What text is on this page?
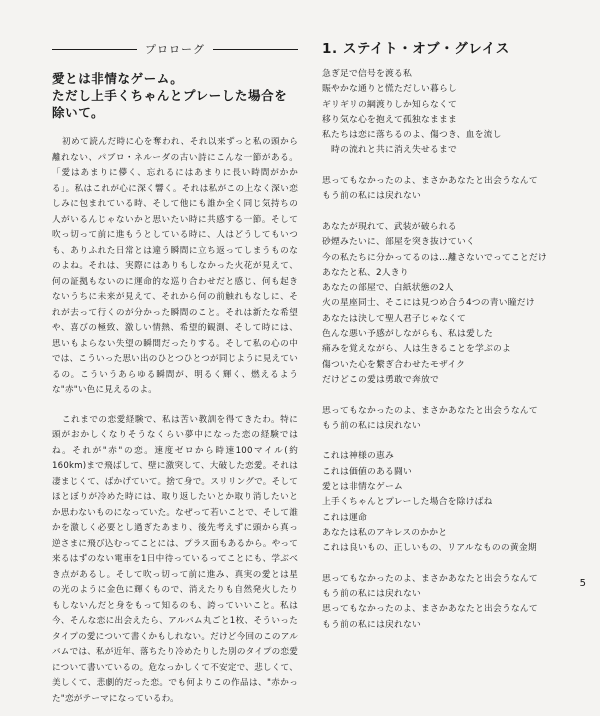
プロローグ
愛とは非情なゲーム。
ただし上手くちゃんとプレーした場合を除いて。

初めて読んだ時に心を奪われ、それ以来ずっと私の頭から離れない、パブロ・ネルーダの古い詩にこんな一節がある。「愛はあまりに儚く、忘れるにはあまりに長い時間がかかる」。私はこれが心に深く響く。それは私がこの上なく深い恋しみに包まれている時、そして他にも誰か全く同じ気持ちの人がいるんじゃないかと思いたい時に共感する一節。そして吹っ切って前に進もうとしている時に、人はどうしてもいつも、ありふれた日常とは違う瞬間に立ち返ってしまうものなのよね。それは、実際にはありもしなかった火花が見えて、何の証拠もないのに運命的な巡り合わせだと感じ、何も起きないうちに未来が見えて、それから何の前触れもなしに、それが去って行くのが分かった瞬間のこと。それは新たな希望や、喜びの極致、激しい情熱、希望的観測、そして時には、思いもよらない失望の瞬間だったりする。そして私の心の中では、こういった思い出のひとつひとつが同じように見えているの。こういうあらゆる瞬間が、明るく輝く、燃えるような"赤"い色に見えるのよ。

これまでの恋愛経験で、私は苦い教訓を得てきたわ。特に頭がおかしくなりそうなくらい夢中になった恋の経験ではね。それが"赤"の恋。速度ゼロから時速100マイル(約160km)まで飛ばして、壁に激突して、大破した恋愛。それは凄まじくて、ばかげていて。捨て身で。スリリングで。そしてほとぼりが冷めた時には、取り返したいとか取り消したいとか思わないものになっていた。なぜって若いことで、そして誰かを激しく必要とし過ぎたあまり、後先考えずに頭から真っ逆さまに飛び込むってことには、プラス面もあるから。やって来るはずのない電車を1日中待っているってことにも、学ぶべき点があるし。そして吹っ切って前に進み、真実の愛とは星の光のように金色に輝くもので、消えたりも自然発火したりもしないんだと身をもって知るのも、誇っていいこと。私は今、そんな恋に出会えたら、アルバム丸ごと1枚、そういったタイプの愛について書くかもしれない。だけど今回のこのアルバムでは、私が近年、落ちたり冷めたりした別のタイプの恋愛について書いているの。危なっかしくて不安定で、悲しくて、美しくて、悲劇的だった恋。でも何よりこの作品は、"赤かった"恋がテーマになっているわ。

1. ステイト・オブ・グレイス
急ぎ足で信号を渡る私
賑やかな通りと慌ただしい暮らし
ギリギリの綱渡りしか知らなくて
移り気な心を抱えて孤独なままま
私たちは恋に落ちるのよ、傷つき、血を流し
　時の流れと共に消え失せるまで
思ってもなかったのよ、まさかあなたと出会うなんて
もう前の私には戻れない
あなたが現れて、武装が破られる
砂煙みたいに、部屋を突き抜けていく
今の私たちに分かってるのは…離さないでってことだけ
あなたと私、2人きり
あなたの部屋で、白紙状態の2人
火の星座同士、そこには見つめ合う4つの青い瞳だけ
あなたは決して聖人君子じゃなくて
色んな悪い予感がしながらも、私は愛した
痛みを覚えながら、人は生きることを学ぶのよ
傷ついた心を繋ぎ合わせたモザイク
だけどこの愛は勇敢で奔放で
思ってもなかったのよ、まさかあなたと出会うなんて
もう前の私には戻れない
これは神様の恵み
これは価値のある闘い
愛とは非情なゲーム
上手くちゃんとプレーした場合を除けばね
これは運命
あなたは私のアキレスのかかと
これは良いもの、正しいもの、リアルなものの黄金期
思ってもなかったのよ、まさかあなたと出会うなんて
もう前の私には戻れない
思ってもなかったのよ、まさかあなたと出会うなんて
もう前の私には戻れない
5
